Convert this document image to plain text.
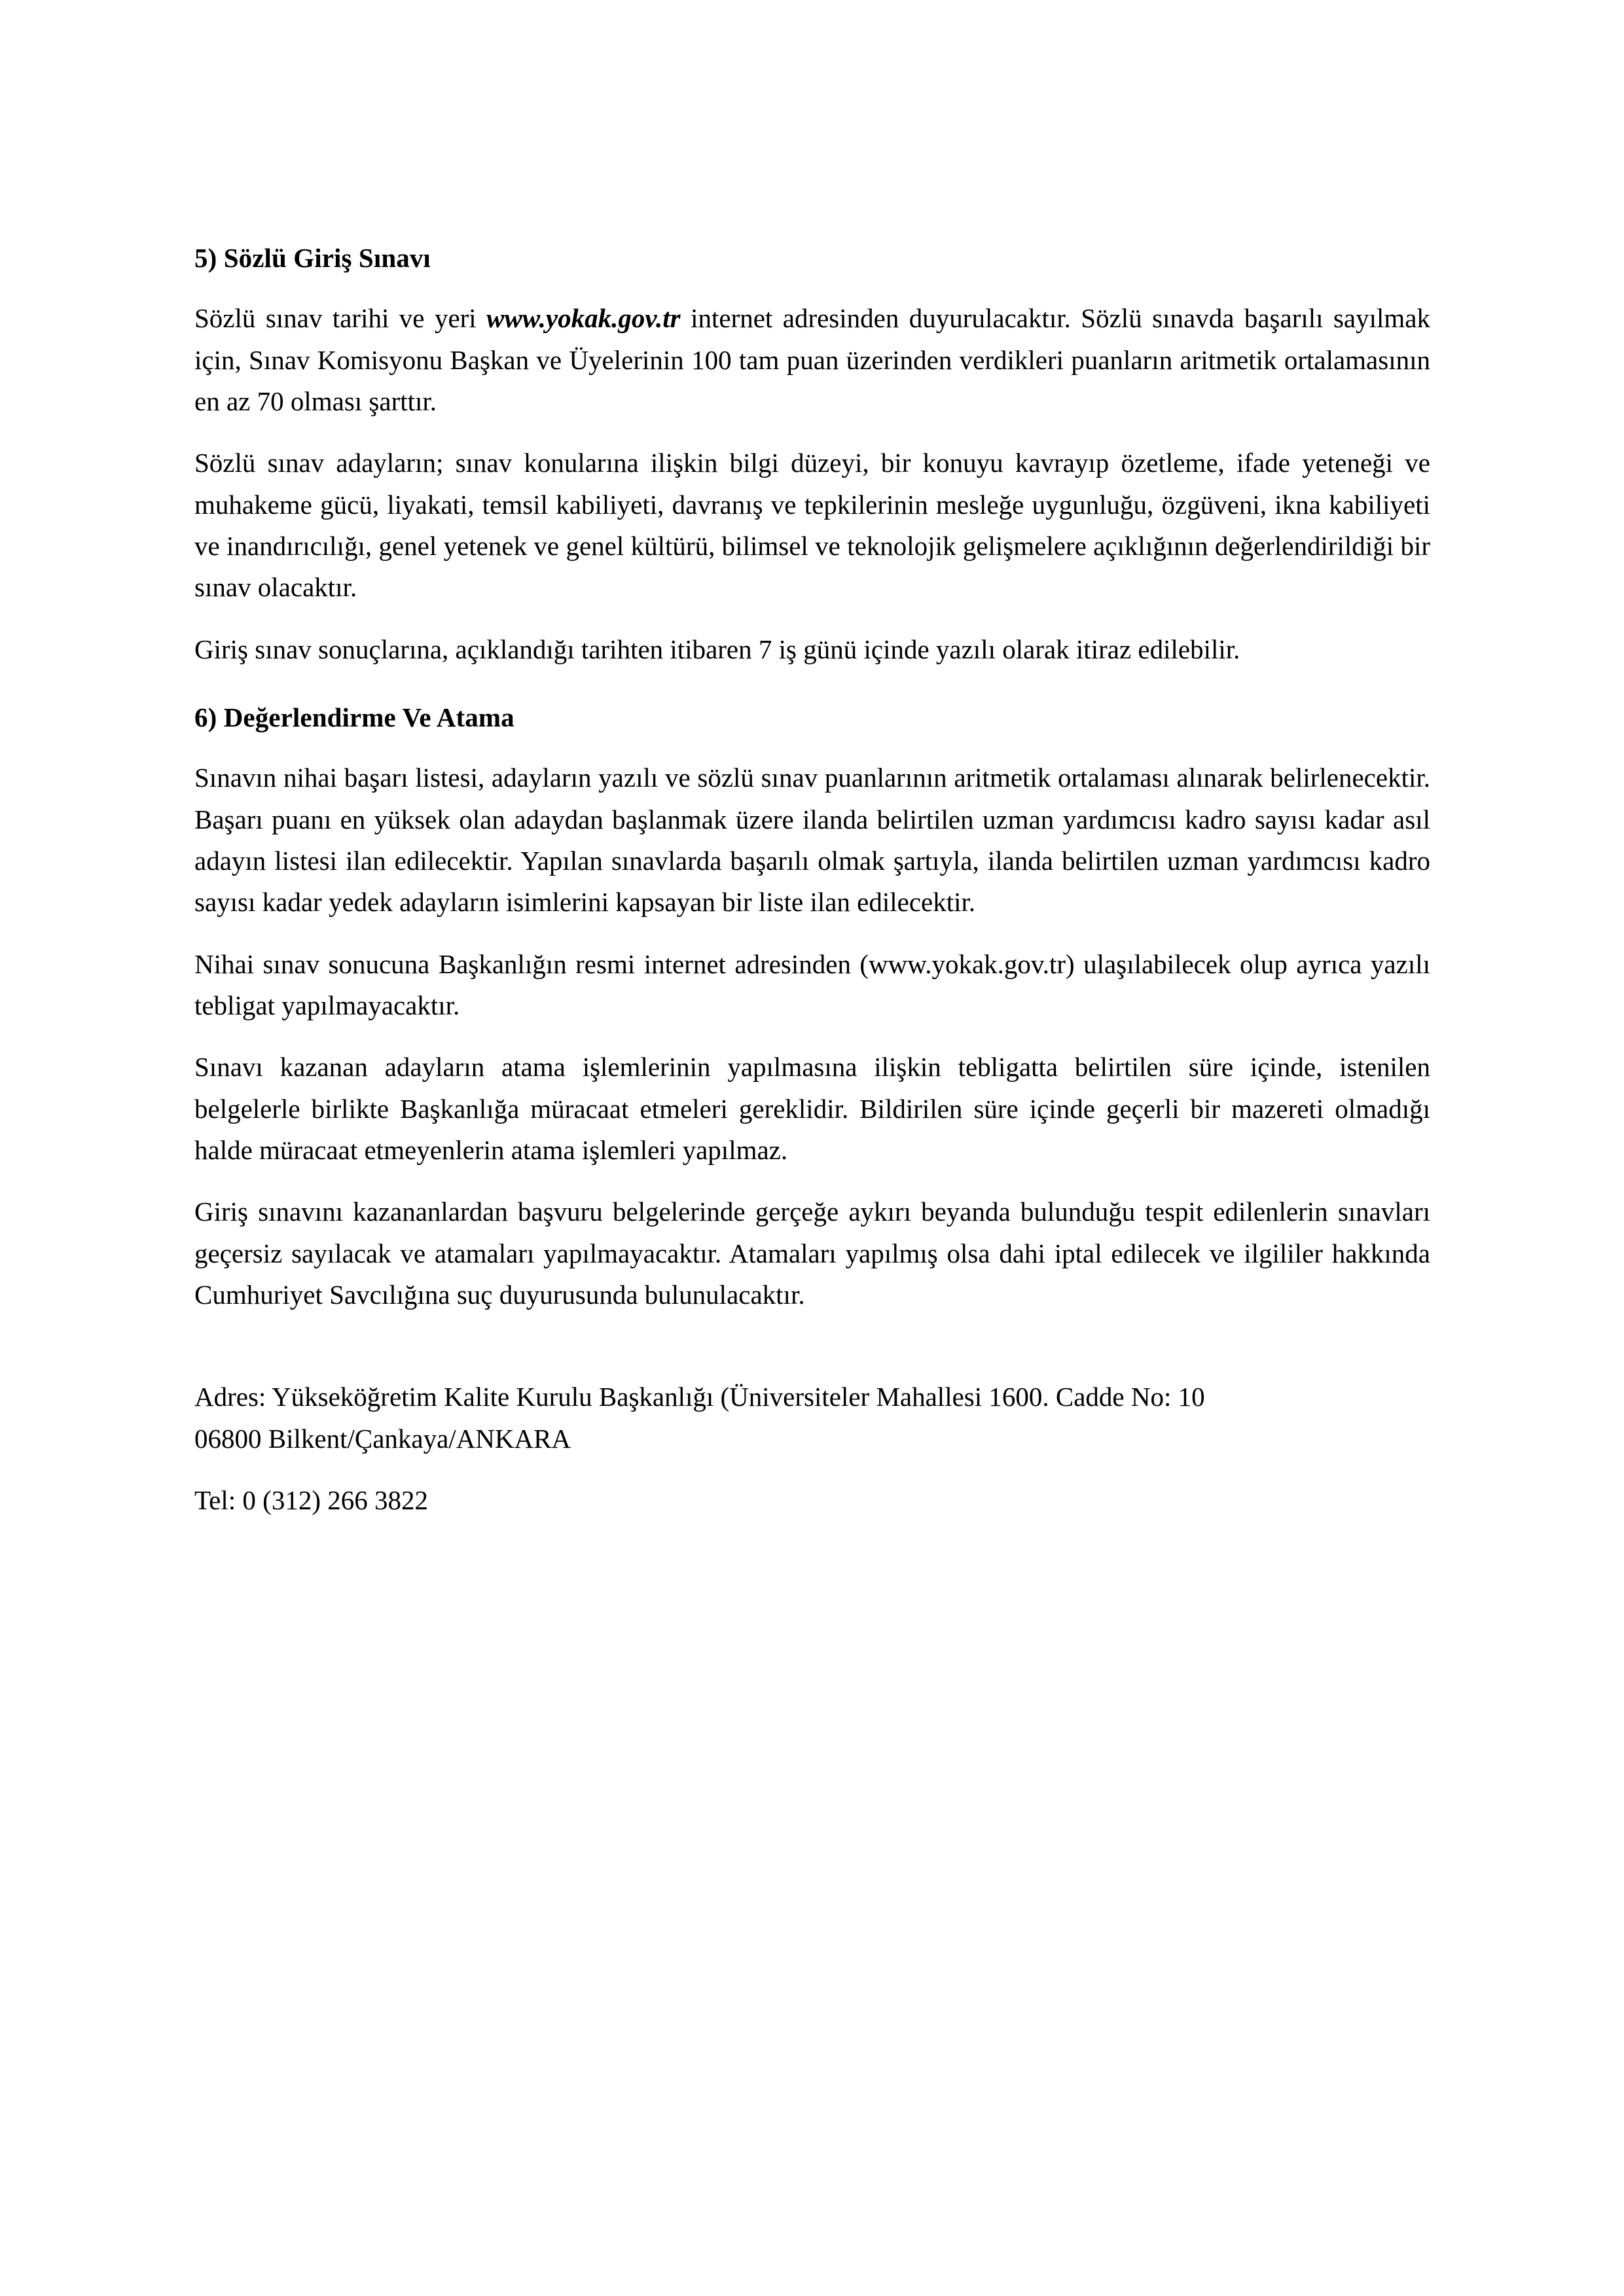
5) Sözlü Giriş Sınavı

Sözlü sınav tarihi ve yeri www.yokak.gov.tr internet adresinden duyurulacaktır. Sözlü sınavda başarılı sayılmak için, Sınav Komisyonu Başkan ve Üyelerinin 100 tam puan üzerinden verdikleri puanların aritmetik ortalamasının en az 70 olması şarttır.

Sözlü sınav adayların; sınav konularına ilişkin bilgi düzeyi, bir konuyu kavrayıp özetleme, ifade yeteneği ve muhakeme gücü, liyakati, temsil kabiliyeti, davranış ve tepkilerinin mesleğe uygunluğu, özgüveni, ikna kabiliyeti ve inandırıcılığı, genel yetenek ve genel kültürü, bilimsel ve teknolojik gelişmelere açıklığının değerlendirildiği bir sınav olacaktır.

Giriş sınav sonuçlarına, açıklandığı tarihten itibaren 7 iş günü içinde yazılı olarak itiraz edilebilir.

6) Değerlendirme Ve Atama

Sınavın nihai başarı listesi, adayların yazılı ve sözlü sınav puanlarının aritmetik ortalaması alınarak belirlenecektir. Başarı puanı en yüksek olan adaydan başlanmak üzere ilanda belirtilen uzman yardımcısı kadro sayısı kadar asıl adayın listesi ilan edilecektir. Yapılan sınavlarda başarılı olmak şartıyla, ilanda belirtilen uzman yardımcısı kadro sayısı kadar yedek adayların isimlerini kapsayan bir liste ilan edilecektir.

Nihai sınav sonucuna Başkanlığın resmi internet adresinden (www.yokak.gov.tr) ulaşılabilecek olup ayrıca yazılı tebligat yapılmayacaktır.

Sınavı kazanan adayların atama işlemlerinin yapılmasına ilişkin tebligatta belirtilen süre içinde, istenilen belgelerle birlikte Başkanlığa müracaat etmeleri gereklidir. Bildirilen süre içinde geçerli bir mazereti olmadığı halde müracaat etmeyenlerin atama işlemleri yapılmaz.

Giriş sınavını kazananlardan başvuru belgelerinde gerçeğe aykırı beyanda bulunduğu tespit edilenlerin sınavları geçersiz sayılacak ve atamaları yapılmayacaktır. Atamaları yapılmış olsa dahi iptal edilecek ve ilgililer hakkında Cumhuriyet Savcılığına suç duyurusunda bulunulacaktır.

Adres: Yükseköğretim Kalite Kurulu Başkanlığı (Üniversiteler Mahallesi 1600. Cadde No: 10

06800 Bilkent/Çankaya/ANKARA

Tel: 0 (312) 266 3822
